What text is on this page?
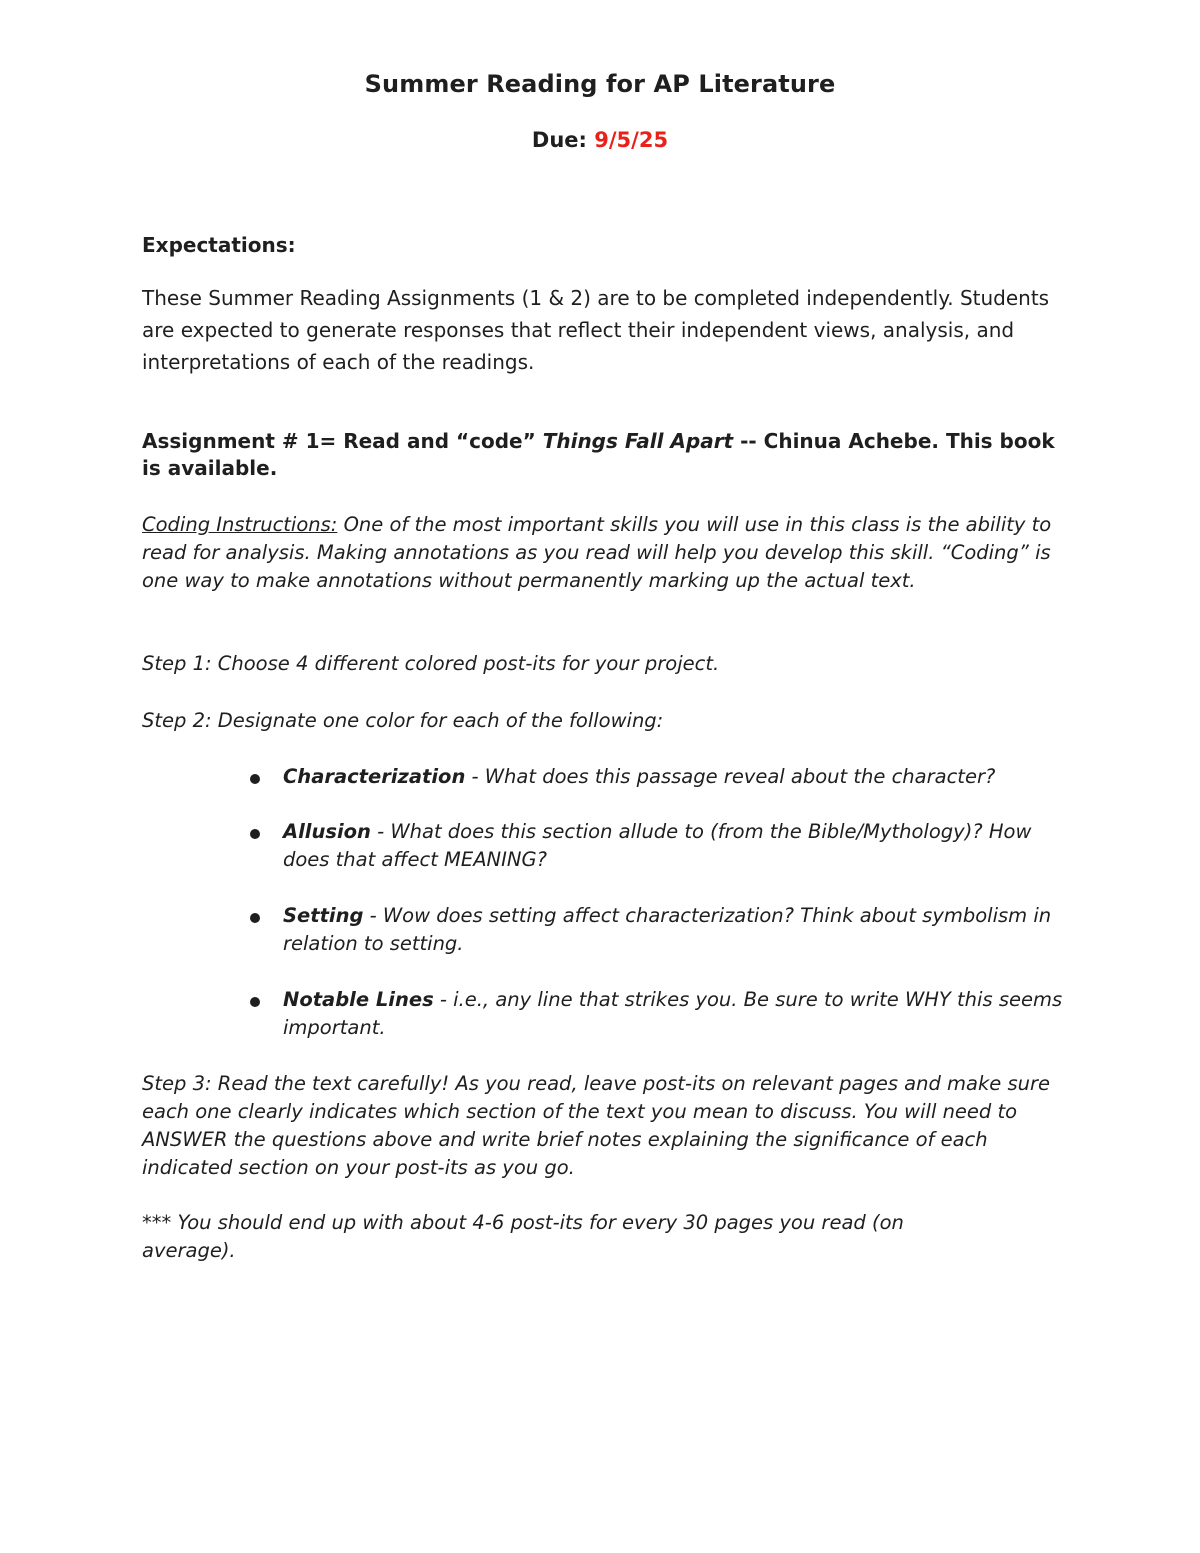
Summer Reading for AP Literature
Due: 9/5/25

Expectations:

These Summer Reading Assignments (1 & 2) are to be completed independently. Students are expected to generate responses that reflect their independent views, analysis, and interpretations of each of the readings.

Assignment # 1= Read and “code” Things Fall Apart -- Chinua Achebe. This book is available.

Coding Instructions: One of the most important skills you will use in this class is the ability to read for analysis. Making annotations as you read will help you develop this skill. “Coding” is one way to make annotations without permanently marking up the actual text.

Step 1: Choose 4 different colored post-its for your project.

Step 2: Designate one color for each of the following:

Characterization - What does this passage reveal about the character?
Allusion - What does this section allude to (from the Bible/Mythology)? How does that affect MEANING?
Setting - Wow does setting affect characterization? Think about symbolism in relation to setting.
Notable Lines - i.e., any line that strikes you. Be sure to write WHY this seems important.

Step 3: Read the text carefully! As you read, leave post-its on relevant pages and make sure each one clearly indicates which section of the text you mean to discuss. You will need to ANSWER the questions above and write brief notes explaining the significance of each indicated section on your post-its as you go.

*** You should end up with about 4-6 post-its for every 30 pages you read (on average).
